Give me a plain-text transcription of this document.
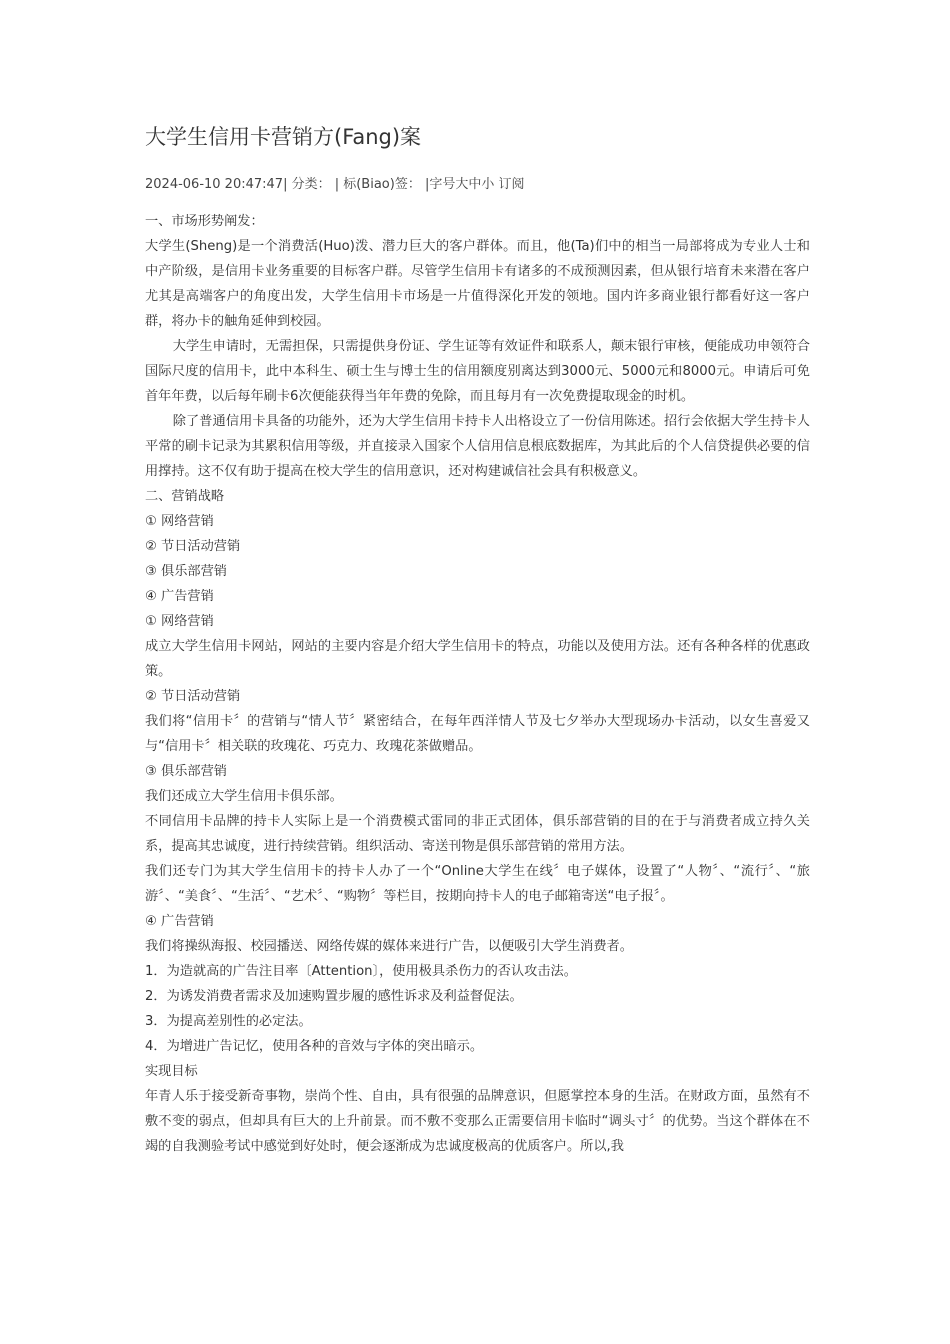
大学生信用卡营销方(Fang)案
2024-06-10 20:47:47| 分类： | 标(Biao)签： |字号大中小 订阅

一、市场形势阐发：

大学生(Sheng)是一个消费活(Huo)泼、潜力巨大的客户群体。而且，他(Ta)们中的相当一局部将成为专业人士和中产阶级，是信用卡业务重要的目标客户群。尽管学生信用卡有诸多的不成预测因素，但从银行培育未来潜在客户尤其是高端客户的角度出发，大学生信用卡市场是一片值得深化开发的领地。国内许多商业银行都看好这一客户群，将办卡的触角延伸到校园。

大学生申请时，无需担保，只需提供身份证、学生证等有效证件和联系人，颠末银行审核，便能成功申领符合国际尺度的信用卡，此中本科生、硕士生与博士生的信用额度别离达到3000元、5000元和8000元。申请后可免首年年费，以后每年刷卡6次便能获得当年年费的免除，而且每月有一次免费提取现金的时机。

除了普通信用卡具备的功能外，还为大学生信用卡持卡人出格设立了一份信用陈述。招行会依据大学生持卡人平常的刷卡记录为其累积信用等级，并直接录入国家个人信用信息根底数据库，为其此后的个人信贷提供必要的信用撑持。这不仅有助于提高在校大学生的信用意识，还对构建诚信社会具有积极意义。

二、营销战略

① 网络营销

② 节日活动营销

③ 俱乐部营销

④ 广告营销

① 网络营销

成立大学生信用卡网站，网站的主要内容是介绍大学生信用卡的特点，功能以及使用方法。还有各种各样的优惠政策。

② 节日活动营销

我们将“信用卡〞的营销与“情人节〞紧密结合，在每年西洋情人节及七夕举办大型现场办卡活动，以女生喜爱又与“信用卡〞相关联的玫瑰花、巧克力、玫瑰花茶做赠品。

③ 俱乐部营销

我们还成立大学生信用卡俱乐部。

不同信用卡品牌的持卡人实际上是一个消费模式雷同的非正式团体，俱乐部营销的目的在于与消费者成立持久关系，提高其忠诚度，进行持续营销。组织活动、寄送刊物是俱乐部营销的常用方法。

我们还专门为其大学生信用卡的持卡人办了一个“Online大学生在线〞电子媒体，设置了“人物〞、“流行〞、“旅游〞、“美食〞、“生活〞、“艺术〞、“购物〞等栏目，按期向持卡人的电子邮箱寄送“电子报〞。

④ 广告营销

我们将操纵海报、校园播送、网络传媒的媒体来进行广告，以便吸引大学生消费者。

1．为造就高的广告注目率〔Attention〕，使用极具杀伤力的否认攻击法。

2．为诱发消费者需求及加速购置步履的感性诉求及利益督促法。

3．为提高差别性的必定法。

4．为增进广告记忆，使用各种的音效与字体的突出暗示。

实现目标

年青人乐于接受新奇事物，崇尚个性、自由，具有很强的品牌意识，但愿掌控本身的生活。在财政方面，虽然有不敷不变的弱点，但却具有巨大的上升前景。而不敷不变那么正需要信用卡临时“调头寸〞的优势。当这个群体在不竭的自我测验考试中感觉到好处时，便会逐渐成为忠诚度极高的优质客户。所以,我
